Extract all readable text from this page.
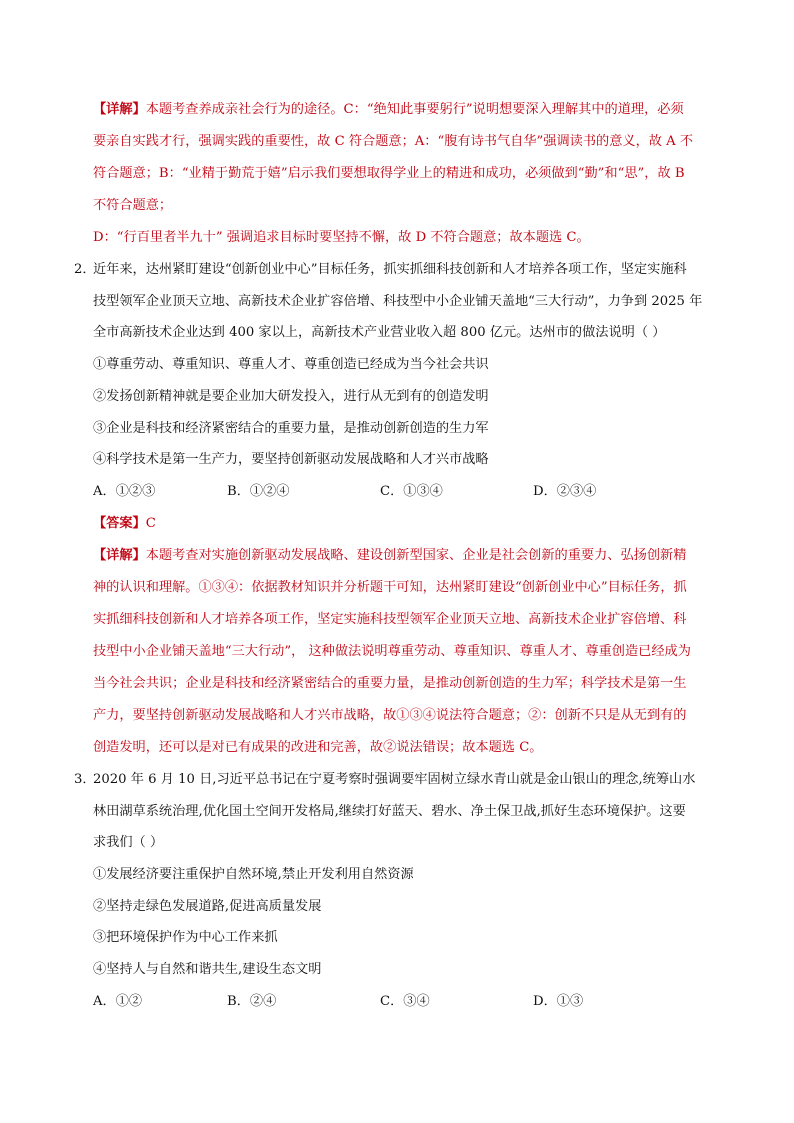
【详解】本题考查养成亲社会行为的途径。C：“绝知此事要躬行”说明想要深入理解其中的道理，必须
要亲自实践才行，强调实践的重要性，故 C 符合题意；A：“腹有诗书气自华”强调读书的意义，故 A 不
符合题意；B：“业精于勤荒于嬉”启示我们要想取得学业上的精进和成功，必须做到“勤”和“思”，故 B
不符合题意；
D：“行百里者半九十” 强调追求目标时要坚持不懈，故 D 不符合题意；故本题选 C。
2．
近年来，达州紧盯建设“创新创业中心”目标任务，抓实抓细科技创新和人才培养各项工作，坚定实施科
技型领军企业顶天立地、高新技术企业扩容倍增、科技型中小企业铺天盖地“三大行动”，力争到 2025 年
全市高新技术企业达到 400 家以上，高新技术产业营业收入超 800 亿元。达州市的做法说明（ ）
①尊重劳动、尊重知识、尊重人才、尊重创造已经成为当今社会共识
②发扬创新精神就是要企业加大研发投入，进行从无到有的创造发明
③企业是科技和经济紧密结合的重要力量，是推动创新创造的生力军
④科学技术是第一生产力，要坚持创新驱动发展战略和人才兴市战略
A．①②③	B．①②④	C．①③④	D．②③④
【答案】C
【详解】本题考查对实施创新驱动发展战略、建设创新型国家、企业是社会创新的重要力、弘扬创新精
神的认识和理解。①③④：依据教材知识并分析题干可知，达州紧盯建设“创新创业中心”目标任务，抓
实抓细科技创新和人才培养各项工作，坚定实施科技型领军企业顶天立地、高新技术企业扩容倍增、科
技型中小企业铺天盖地“三大行动”， 这种做法说明尊重劳动、尊重知识、尊重人才、尊重创造已经成为
当今社会共识；企业是科技和经济紧密结合的重要力量，是推动创新创造的生力军；科学技术是第一生
产力，要坚持创新驱动发展战略和人才兴市战略，故①③④说法符合题意；②：创新不只是从无到有的
创造发明，还可以是对已有成果的改进和完善，故②说法错误；故本题选 C。
3．
2020 年 6 月 10 日,习近平总书记在宁夏考察时强调要牢固树立绿水青山就是金山银山的理念,统筹山水
林田湖草系统治理,优化国土空间开发格局,继续打好蓝天、碧水、净土保卫战,抓好生态环境保护。这要
求我们（ ）
①发展经济要注重保护自然环境,禁止开发利用自然资源
②坚持走绿色发展道路,促进高质量发展
③把环境保护作为中心工作来抓
④坚持人与自然和谐共生,建设生态文明
A．①②	B．②④	C．③④	D．①③
